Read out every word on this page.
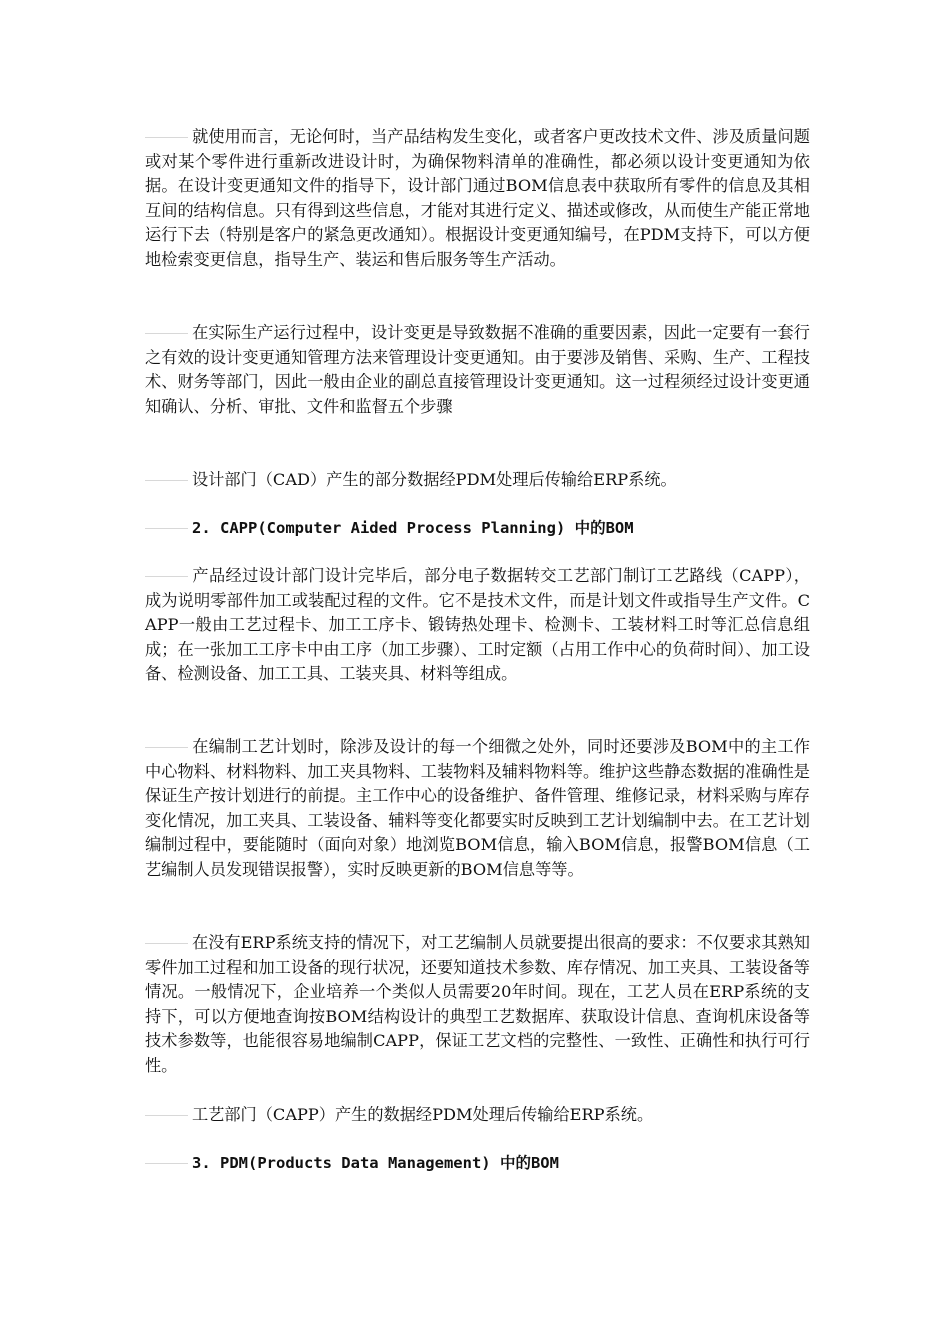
就使用而言，无论何时，当产品结构发生变化，或者客户更改技术文件、涉及质量问题或对某个零件进行重新改进设计时，为确保物料清单的准确性，都必须以设计变更通知为依据。在设计变更通知文件的指导下，设计部门通过BOM信息表中获取所有零件的信息及其相互间的结构信息。只有得到这些信息，才能对其进行定义、描述或修改，从而使生产能正常地运行下去（特别是客户的紧急更改通知）。根据设计变更通知编号，在PDM支持下，可以方便地检索变更信息，指导生产、装运和售后服务等生产活动。

在实际生产运行过程中，设计变更是导致数据不准确的重要因素，因此一定要有一套行之有效的设计变更通知管理方法来管理设计变更通知。由于要涉及销售、采购、生产、工程技术、财务等部门，因此一般由企业的副总直接管理设计变更通知。这一过程须经过设计变更通知确认、分析、审批、文件和监督五个步骤

设计部门（CAD）产生的部分数据经PDM处理后传输给ERP系统。

2. CAPP(Computer Aided Process Planning) 中的BOM

产品经过设计部门设计完毕后，部分电子数据转交工艺部门制订工艺路线（CAPP），成为说明零部件加工或装配过程的文件。它不是技术文件，而是计划文件或指导生产文件。CAPP一般由工艺过程卡、加工工序卡、锻铸热处理卡、检测卡、工装材料工时等汇总信息组成；在一张加工工序卡中由工序（加工步骤）、工时定额（占用工作中心的负荷时间）、加工设备、检测设备、加工工具、工装夹具、材料等组成。

在编制工艺计划时，除涉及设计的每一个细微之处外，同时还要涉及BOM中的主工作中心物料、材料物料、加工夹具物料、工装物料及辅料物料等。维护这些静态数据的准确性是保证生产按计划进行的前提。主工作中心的设备维护、备件管理、维修记录，材料采购与库存变化情况，加工夹具、工装设备、辅料等变化都要实时反映到工艺计划编制中去。在工艺计划编制过程中，要能随时（面向对象）地浏览BOM信息，输入BOM信息，报警BOM信息（工艺编制人员发现错误报警），实时反映更新的BOM信息等等。

在没有ERP系统支持的情况下，对工艺编制人员就要提出很高的要求：不仅要求其熟知零件加工过程和加工设备的现行状况，还要知道技术参数、库存情况、加工夹具、工装设备等情况。一般情况下，企业培养一个类似人员需要20年时间。现在，工艺人员在ERP系统的支持下，可以方便地查询按BOM结构设计的典型工艺数据库、获取设计信息、查询机床设备等技术参数等，也能很容易地编制CAPP，保证工艺文档的完整性、一致性、正确性和执行可行性。

工艺部门（CAPP）产生的数据经PDM处理后传输给ERP系统。

3. PDM(Products Data Management) 中的BOM
